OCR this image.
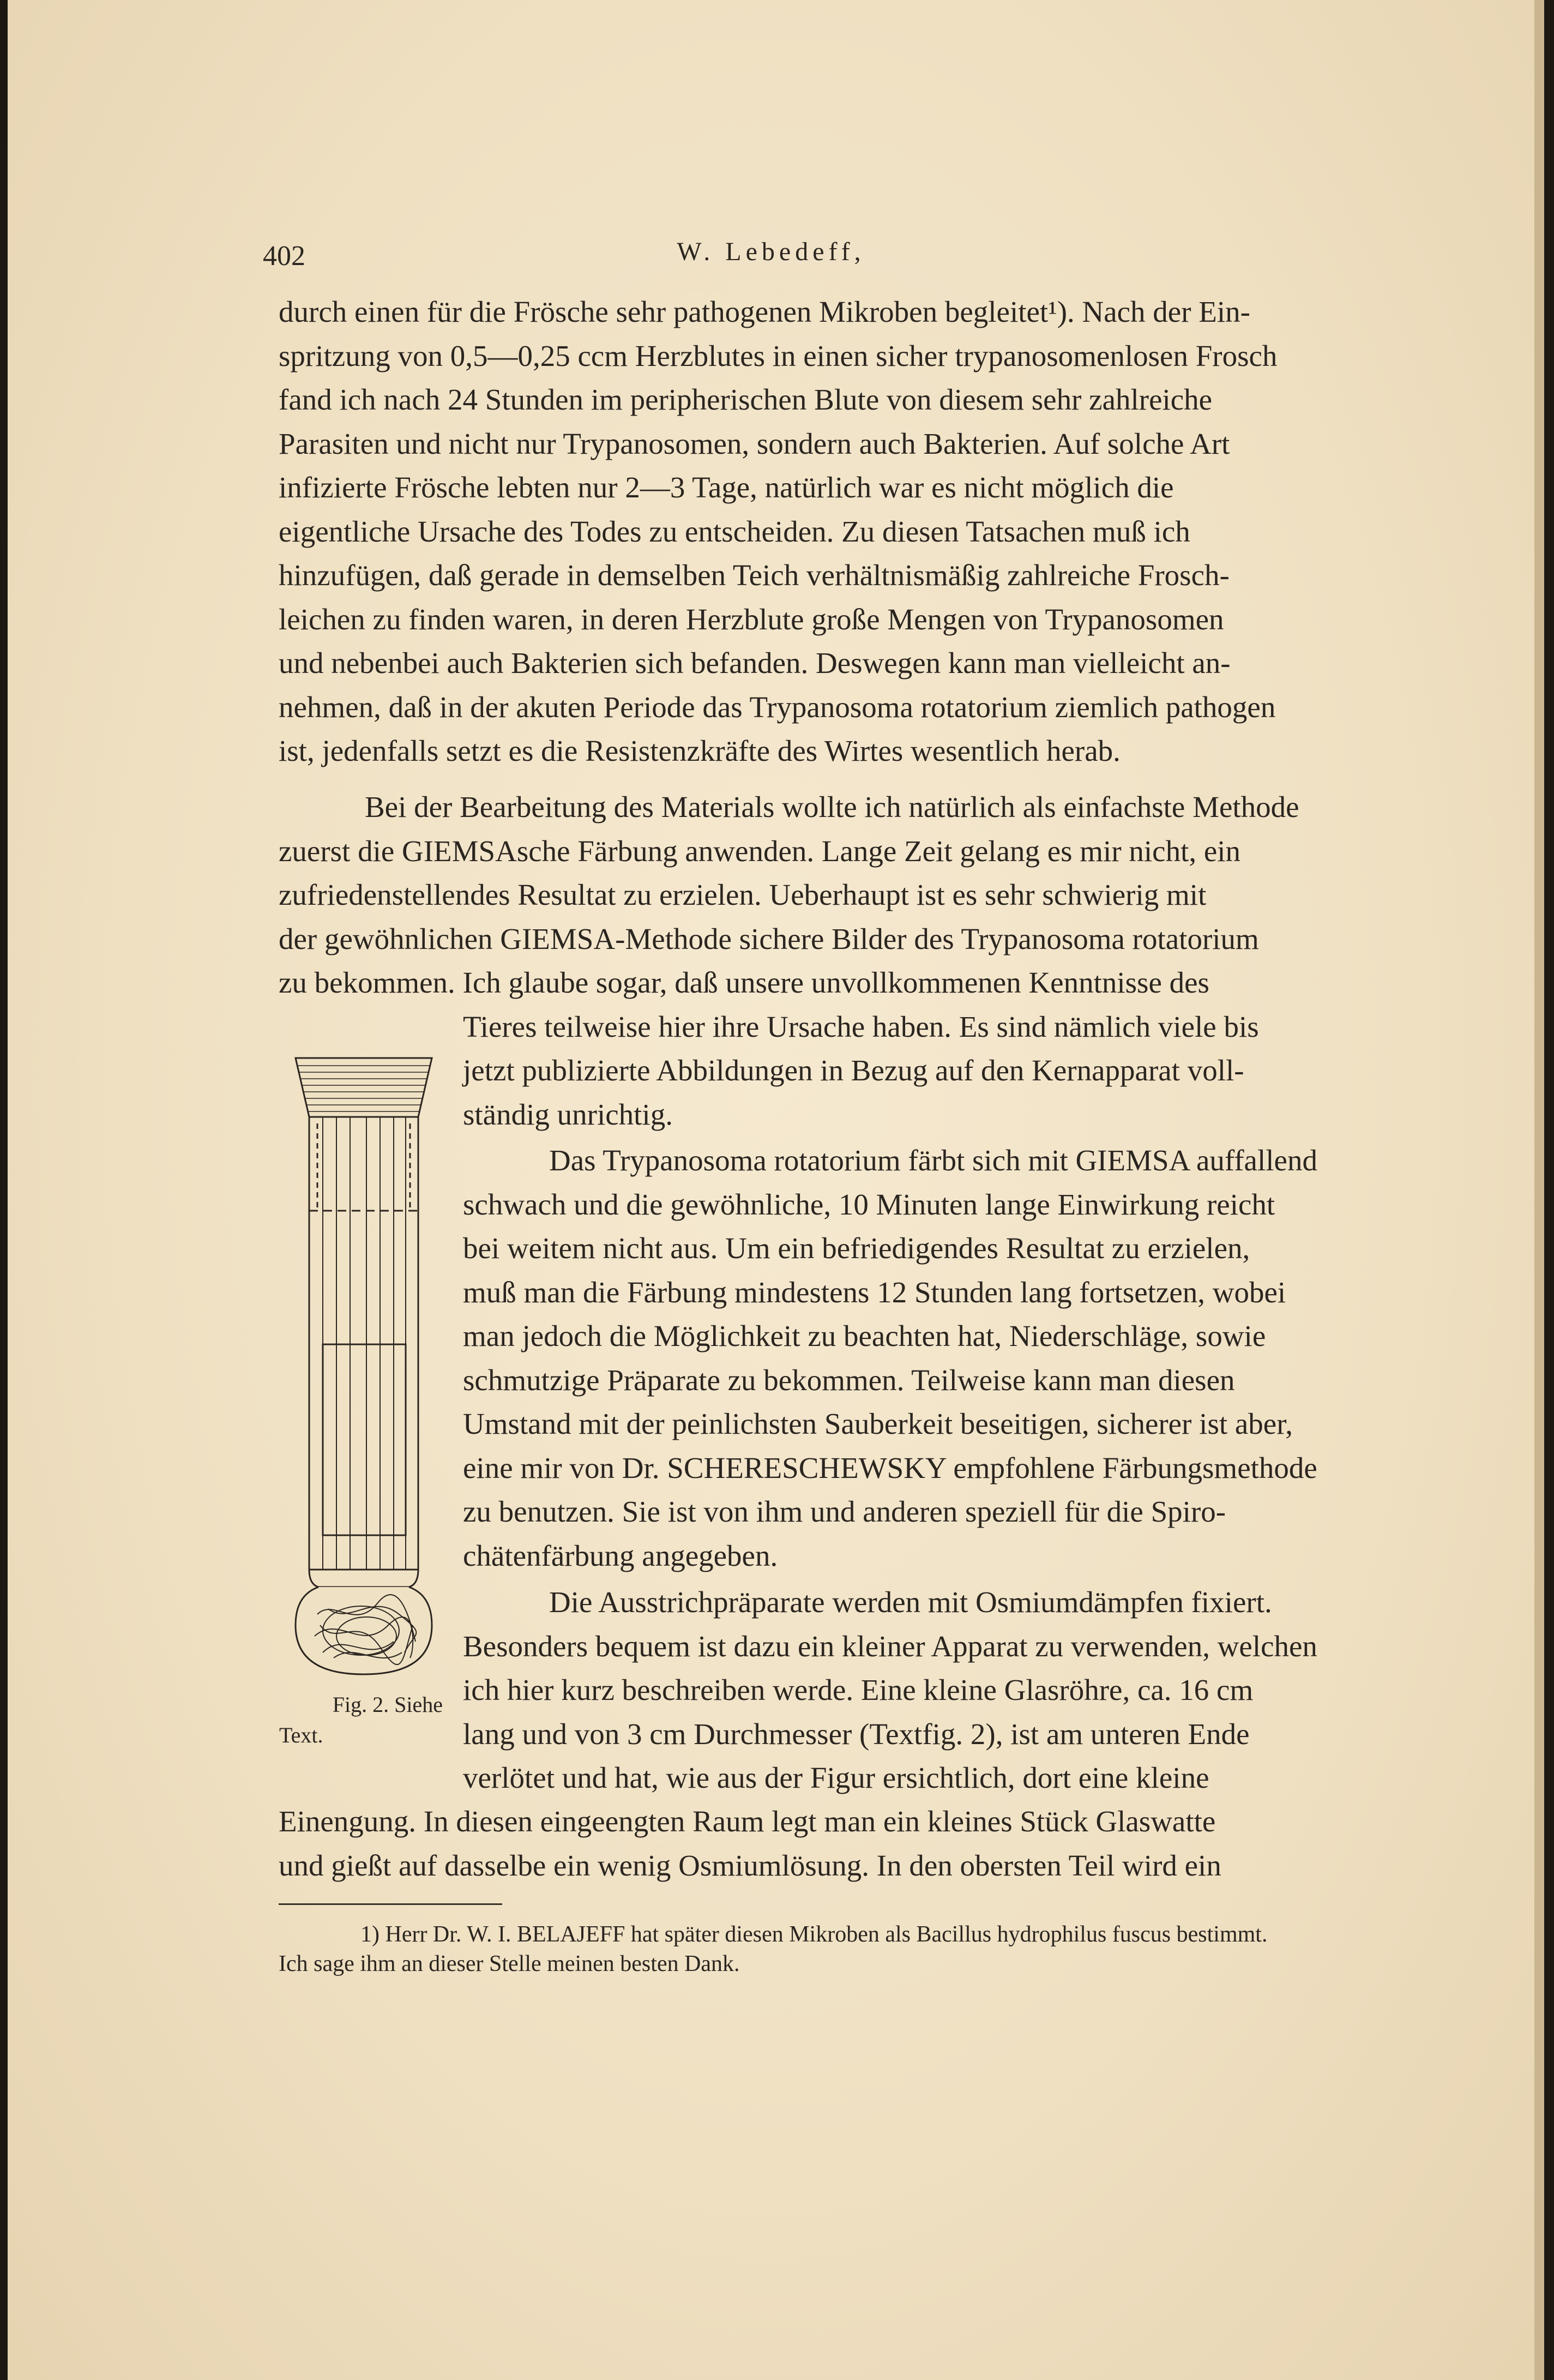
402	W. Lebedeff,

durch einen für die Frösche sehr pathogenen Mikroben begleitet¹). Nach der Ein-

spritzung von 0,5—0,25 ccm Herzblutes in einen sicher trypanosomenlosen Frosch

fand ich nach 24 Stunden im peripherischen Blute von diesem sehr zahlreiche

Parasiten und nicht nur Trypanosomen, sondern auch Bakterien. Auf solche Art

infizierte Frösche lebten nur 2—3 Tage, natürlich war es nicht möglich die

eigentliche Ursache des Todes zu entscheiden. Zu diesen Tatsachen muß ich

hinzufügen, daß gerade in demselben Teich verhältnismäßig zahlreiche Frosch-

leichen zu finden waren, in deren Herzblute große Mengen von Trypanosomen

und nebenbei auch Bakterien sich befanden. Deswegen kann man vielleicht an-

nehmen, daß in der akuten Periode das Trypanosoma rotatorium ziemlich pathogen

ist, jedenfalls setzt es die Resistenzkräfte des Wirtes wesentlich herab.

Bei der Bearbeitung des Materials wollte ich natürlich als einfachste Methode

zuerst die GIEMSAsche Färbung anwenden. Lange Zeit gelang es mir nicht, ein

zufriedenstellendes Resultat zu erzielen. Ueberhaupt ist es sehr schwierig mit

der gewöhnlichen GIEMSA-Methode sichere Bilder des Trypanosoma rotatorium

zu bekommen. Ich glaube sogar, daß unsere unvollkommenen Kenntnisse des

Tieres teilweise hier ihre Ursache haben. Es sind nämlich viele bis

jetzt publizierte Abbildungen in Bezug auf den Kernapparat voll-

ständig unrichtig.

Das Trypanosoma rotatorium färbt sich mit GIEMSA auffallend

schwach und die gewöhnliche, 10 Minuten lange Einwirkung reicht

bei weitem nicht aus. Um ein befriedigendes Resultat zu erzielen,

muß man die Färbung mindestens 12 Stunden lang fortsetzen, wobei

man jedoch die Möglichkeit zu beachten hat, Niederschläge, sowie

schmutzige Präparate zu bekommen. Teilweise kann man diesen

Umstand mit der peinlichsten Sauberkeit beseitigen, sicherer ist aber,

eine mir von Dr. SCHERESCHEWSKY empfohlene Färbungsmethode

zu benutzen. Sie ist von ihm und anderen speziell für die Spiro-

chätenfärbung angegeben.

Die Ausstrichpräparate werden mit Osmiumdämpfen fixiert.

Besonders bequem ist dazu ein kleiner Apparat zu verwenden, welchen

ich hier kurz beschreiben werde. Eine kleine Glasröhre, ca. 16 cm

lang und von 3 cm Durchmesser (Textfig. 2), ist am unteren Ende

verlötet und hat, wie aus der Figur ersichtlich, dort eine kleine

Einengung. In diesen eingeengten Raum legt man ein kleines Stück Glaswatte

und gießt auf dasselbe ein wenig Osmiumlösung. In den obersten Teil wird ein

Fig. 2. Siehe
Text.

1) Herr Dr. W. I. BELAJEFF hat später diesen Mikroben als Bacillus hydrophilus fuscus bestimmt.

Ich sage ihm an dieser Stelle meinen besten Dank.
